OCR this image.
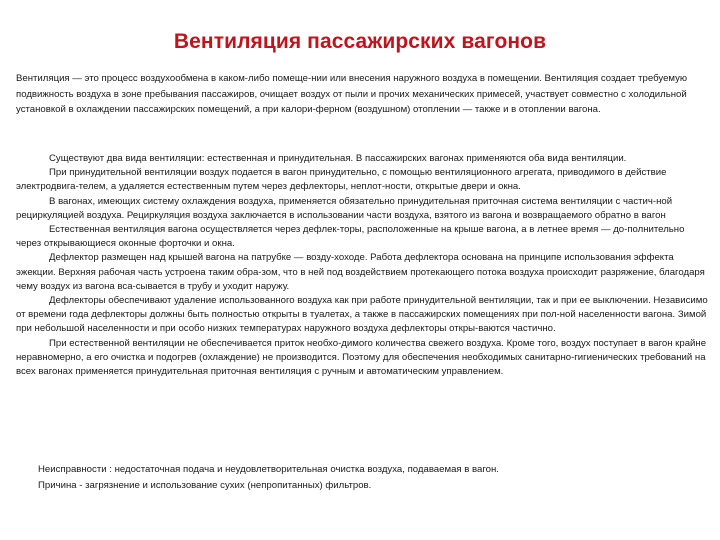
Вентиляция пассажирских вагонов

Вентиляция — это процесс воздухообмена в каком-либо помеще-нии или внесения наружного воздуха в помещении. Вентиляция создает требуемую подвижность воздуха в зоне пребывания пассажиров, очищает воздух от пыли и прочих механических примесей, участвует совместно с холодильной установкой в охлаждении пассажирских помещений, а при калори-ферном (воздушном) отоплении — также и в отоплении вагона.

Существуют два вида вентиляции: естественная и принудительная. В пассажирских вагонах применяются оба вида вентиляции.

При принудительной вентиляции воздух подается в вагон принудительно, с помощью вентиляционного агрегата, приводимого в действие электродвига-телем, а удаляется естественным путем через дефлекторы, неплот-ности, открытые двери и окна.

В вагонах, имеющих систему охлаждения воздуха, применяется обязательно принудительная приточная система вентиляции с частич-ной рециркуляцией воздуха. Рециркуляция воздуха заключается в использовании части воздуха, взятого из вагона и возвращаемого обратно в вагон

Естественная вентиляция вагона осуществляется через дефлек-торы, расположенные на крыше вагона, а в летнее время — до-полнительно через открывающиеся оконные форточки и окна.

Дефлектор размещен над крышей вагона на патрубке — возду-хоходе. Работа дефлектора основана на принципе использования эффекта эжекции. Верхняя рабочая часть устроена таким обра-зом, что в ней под воздействием протекающего потока воздуха происходит разряжение, благодаря чему воздух из вагона вса-сывается в трубу и уходит наружу.

Дефлекторы обеспечивают удаление использованного воздуха как при работе принудительной вентиляции, так и при ее выключении. Независимо от времени года дефлекторы должны быть полностью открыты в туалетах, а также в пассажирских помещениях при пол-ной населенности вагона. Зимой при небольшой населенности и при особо низких температурах наружного воздуха дефлекторы откры-ваются частично.

При естественной вентиляции не обеспечивается приток необхо-димого количества свежего воздуха. Кроме того, воздух поступает в вагон крайне неравномерно, а его очистка и подогрев (охлаждение) не производится. Поэтому для обеспечения необходимых санитарно-гигиенических требований на всех вагонах применяется принудительная приточная вентиляция с ручным и автоматическим управлением.

Неисправности : недостаточная подача и неудовлетворительная очистка воздуха, подаваемая в вагон.

Причина - загрязнение и использование сухих (непропитанных) фильтров.
